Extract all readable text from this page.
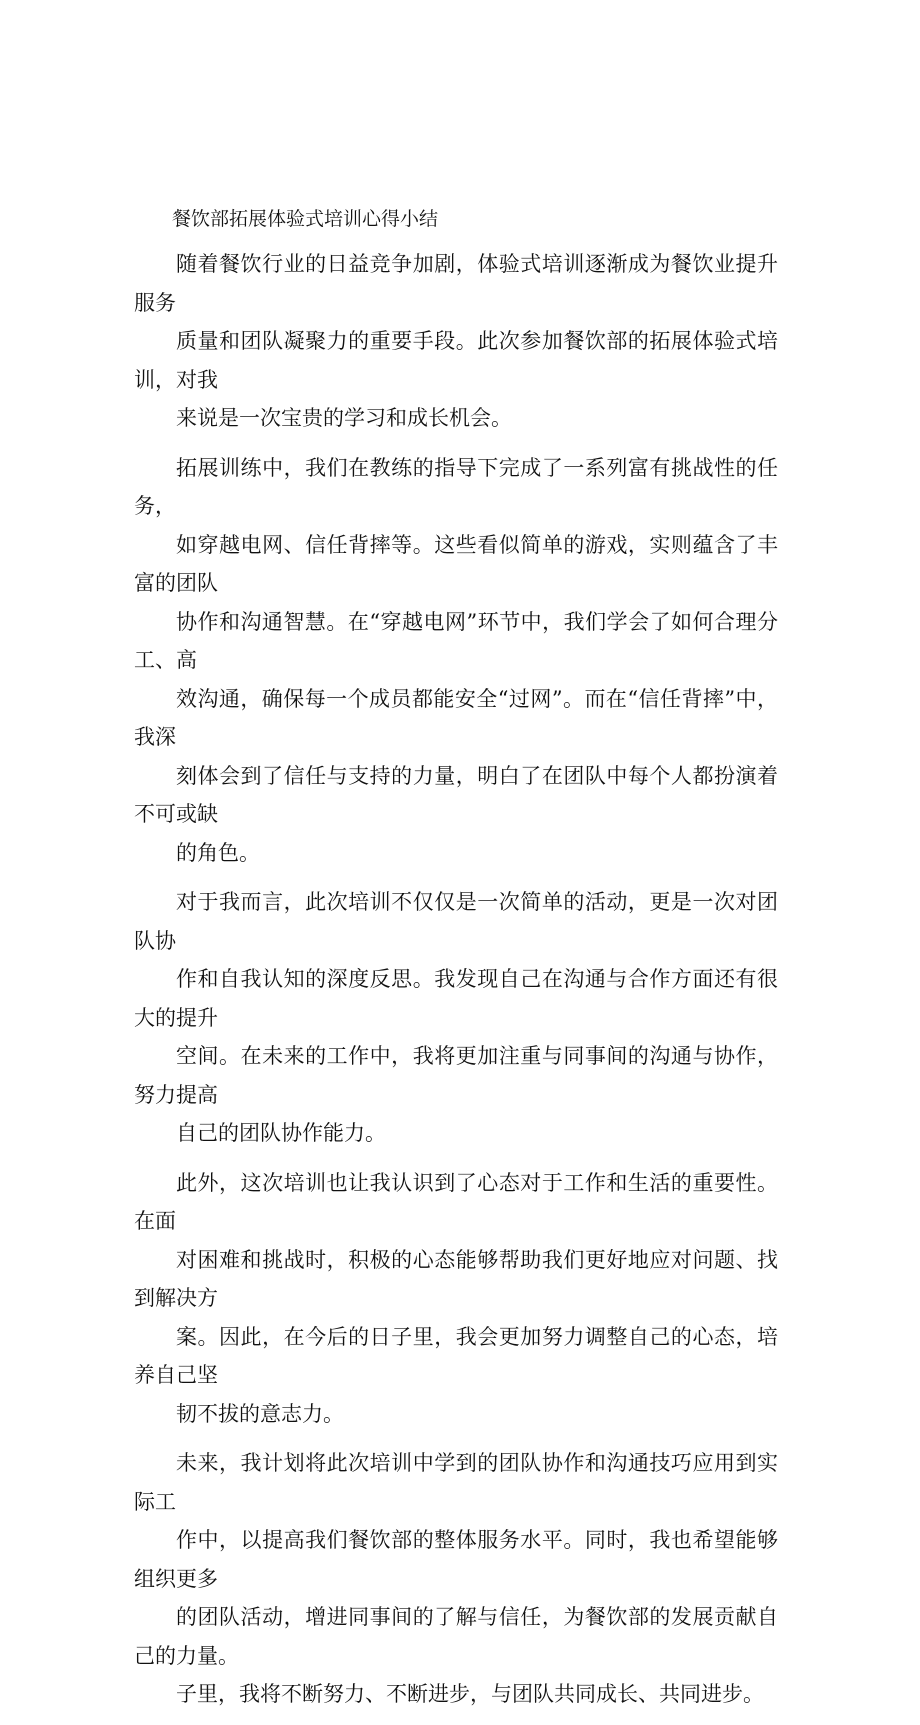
餐饮部拓展体验式培训心得小结

随着餐饮行业的日益竞争加剧，体验式培训逐渐成为餐饮业提升服务
质量和团队凝聚力的重要手段。此次参加餐饮部的拓展体验式培训，对我
来说是一次宝贵的学习和成长机会。

拓展训练中，我们在教练的指导下完成了一系列富有挑战性的任务，
如穿越电网、信任背摔等。这些看似简单的游戏，实则蕴含了丰富的团队
协作和沟通智慧。在“穿越电网”环节中，我们学会了如何合理分工、高
效沟通，确保每一个成员都能安全“过网”。而在“信任背摔”中，我深
刻体会到了信任与支持的力量，明白了在团队中每个人都扮演着不可或缺
的角色。

对于我而言，此次培训不仅仅是一次简单的活动，更是一次对团队协
作和自我认知的深度反思。我发现自己在沟通与合作方面还有很大的提升
空间。在未来的工作中，我将更加注重与同事间的沟通与协作，努力提高
自己的团队协作能力。

此外，这次培训也让我认识到了心态对于工作和生活的重要性。在面
对困难和挑战时，积极的心态能够帮助我们更好地应对问题、找到解决方
案。因此，在今后的日子里，我会更加努力调整自己的心态，培养自己坚
韧不拔的意志力。

未来，我计划将此次培训中学到的团队协作和沟通技巧应用到实际工
作中，以提高我们餐饮部的整体服务水平。同时，我也希望能够组织更多
的团队活动，增进同事间的了解与信任，为餐饮部的发展贡献自己的力量。
子里，我将不断努力、不断进步，与团队共同成长、共同进步。
